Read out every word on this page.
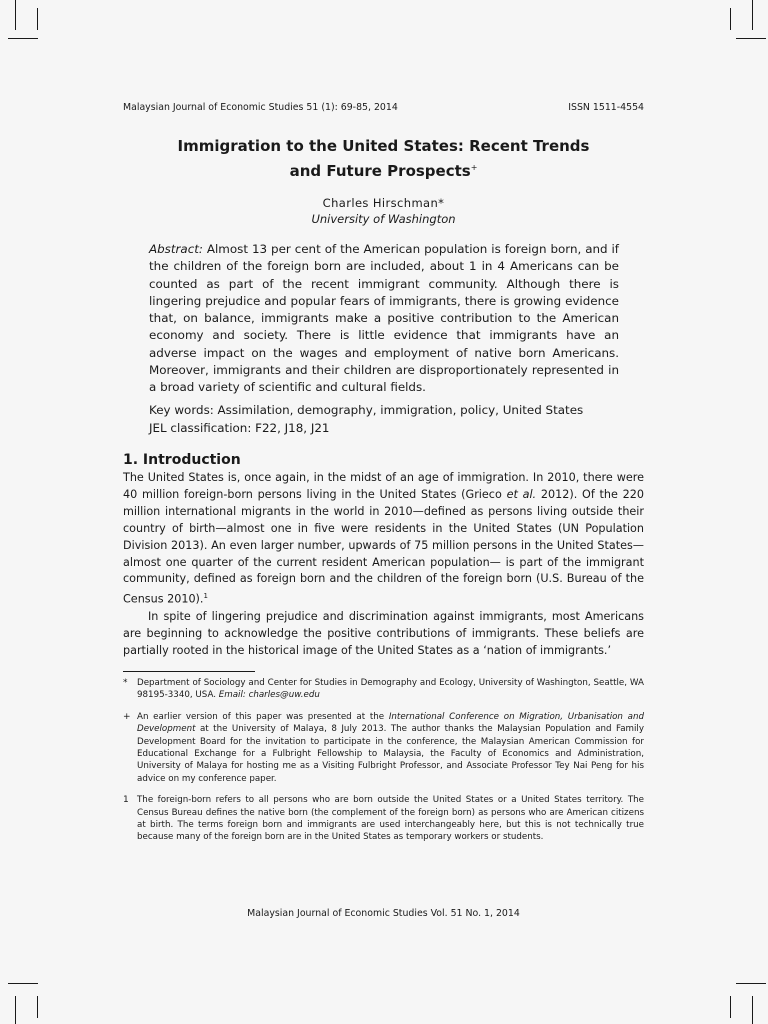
Malaysian Journal of Economic Studies 51 (1): 69-85, 2014	ISSN 1511-4554
Immigration to the United States: Recent Trends
and Future Prospects+
Charles Hirschman*
University of Washington
Abstract: Almost 13 per cent of the American population is foreign born, and if the children of the foreign born are included, about 1 in 4 Americans can be counted as part of the recent immigrant community. Although there is lingering prejudice and popular fears of immigrants, there is growing evidence that, on balance, immigrants make a positive contribution to the American economy and society. There is little evidence that immigrants have an adverse impact on the wages and employment of native born Americans. Moreover, immigrants and their children are disproportionately represented in a broad variety of scientific and cultural fields.
Key words: Assimilation, demography, immigration, policy, United States
JEL classification: F22, J18, J21
1. Introduction

The United States is, once again, in the midst of an age of immigration. In 2010, there were 40 million foreign-born persons living in the United States (Grieco et al. 2012). Of the 220 million international migrants in the world in 2010—defined as persons living outside their country of birth—almost one in five were residents in the United States (UN Population Division 2013). An even larger number, upwards of 75 million persons in the United States—almost one quarter of the current resident American population— is part of the immigrant community, defined as foreign born and the children of the foreign born (U.S. Bureau of the Census 2010).$^1$

In spite of lingering prejudice and discrimination against immigrants, most Americans are beginning to acknowledge the positive contributions of immigrants. These beliefs are partially rooted in the historical image of the United States as a ‘nation of immigrants.’

*	Department of Sociology and Center for Studies in Demography and Ecology, University of Washington, Seattle, WA 98195-3340, USA. Email: charles@uw.edu
+ An earlier version of this paper was presented at the International Conference on Migration, Urbanisation and Development at the University of Malaya, 8 July 2013. The author thanks the Malaysian Population and Family Development Board for the invitation to participate in the conference, the Malaysian American Commission for Educational Exchange for a Fulbright Fellowship to Malaysia, the Faculty of Economics and Administration, University of Malaya for hosting me as a Visiting Fulbright Professor, and Associate Professor Tey Nai Peng for his advice on my conference paper.
1 The foreign-born refers to all persons who are born outside the United States or a United States territory. The Census Bureau defines the native born (the complement of the foreign born) as persons who are American citizens at birth. The terms foreign born and immigrants are used interchangeably here, but this is not technically true because many of the foreign born are in the United States as temporary workers or students.
Malaysian Journal of Economic Studies Vol. 51 No. 1, 2014
